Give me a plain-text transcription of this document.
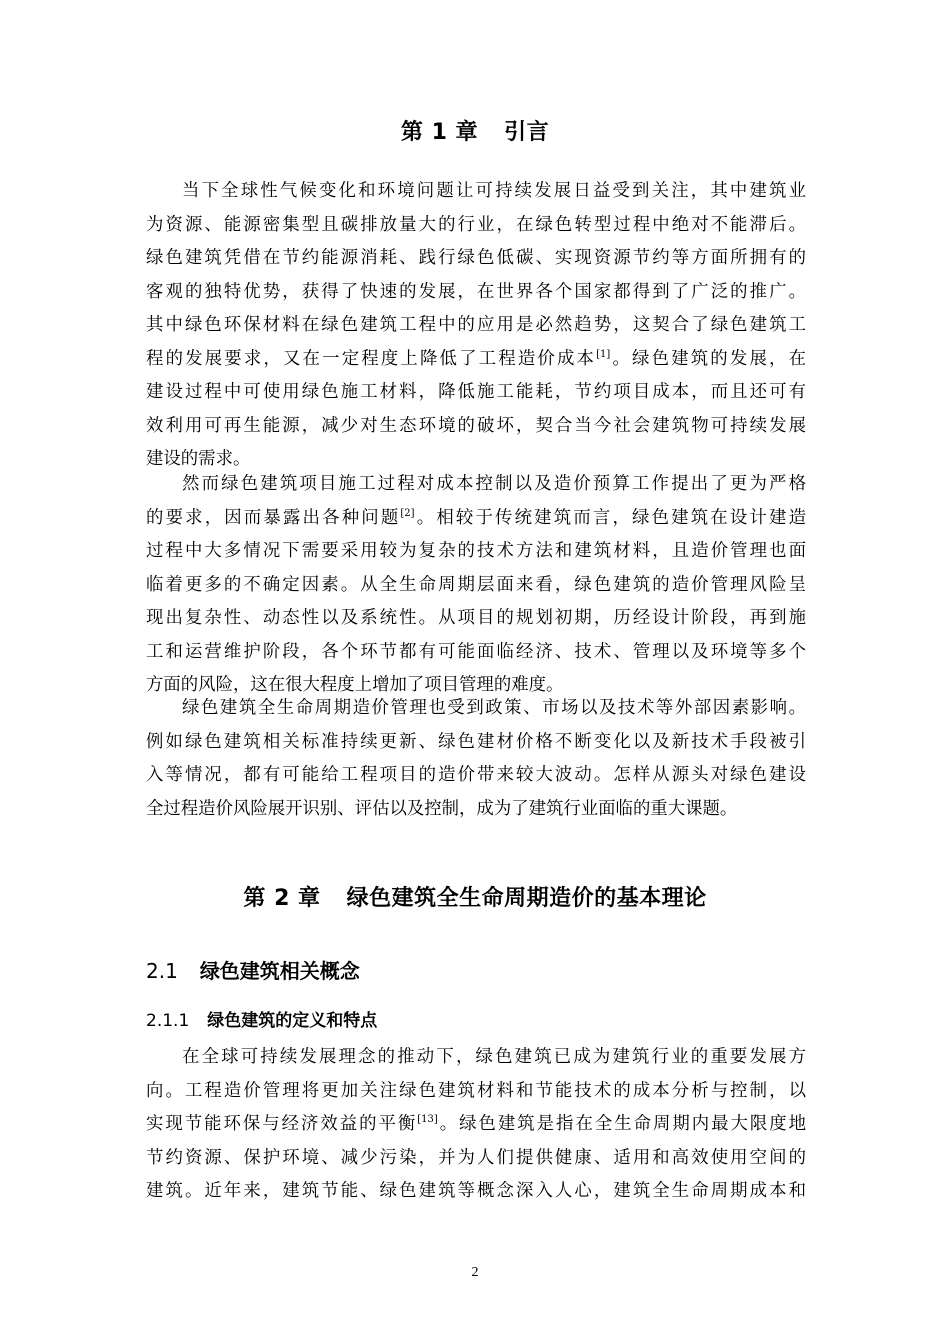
第 1 章 引言
当下全球性气候变化和环境问题让可持续发展日益受到关注，其中建筑业
为资源、能源密集型且碳排放量大的行业，在绿色转型过程中绝对不能滞后。
绿色建筑凭借在节约能源消耗、践行绿色低碳、实现资源节约等方面所拥有的
客观的独特优势，获得了快速的发展，在世界各个国家都得到了广泛的推广。
其中绿色环保材料在绿色建筑工程中的应用是必然趋势，这契合了绿色建筑工
程的发展要求，又在一定程度上降低了工程造价成本[1]。绿色建筑的发展，在
建设过程中可使用绿色施工材料，降低施工能耗，节约项目成本，而且还可有
效利用可再生能源，减少对生态环境的破坏，契合当今社会建筑物可持续发展
建设的需求。
然而绿色建筑项目施工过程对成本控制以及造价预算工作提出了更为严格
的要求，因而暴露出各种问题[2]。相较于传统建筑而言，绿色建筑在设计建造
过程中大多情况下需要采用较为复杂的技术方法和建筑材料，且造价管理也面
临着更多的不确定因素。从全生命周期层面来看，绿色建筑的造价管理风险呈
现出复杂性、动态性以及系统性。从项目的规划初期，历经设计阶段，再到施
工和运营维护阶段，各个环节都有可能面临经济、技术、管理以及环境等多个
方面的风险，这在很大程度上增加了项目管理的难度。
绿色建筑全生命周期造价管理也受到政策、市场以及技术等外部因素影响。
例如绿色建筑相关标准持续更新、绿色建材价格不断变化以及新技术手段被引
入等情况，都有可能给工程项目的造价带来较大波动。怎样从源头对绿色建设
全过程造价风险展开识别、评估以及控制，成为了建筑行业面临的重大课题。
第 2 章 绿色建筑全生命周期造价的基本理论
2.1 绿色建筑相关概念
2.1.1 绿色建筑的定义和特点
在全球可持续发展理念的推动下，绿色建筑已成为建筑行业的重要发展方
向。工程造价管理将更加关注绿色建筑材料和节能技术的成本分析与控制，以
实现节能环保与经济效益的平衡[13]。绿色建筑是指在全生命周期内最大限度地
节约资源、保护环境、减少污染，并为人们提供健康、适用和高效使用空间的
建筑。近年来，建筑节能、绿色建筑等概念深入人心，建筑全生命周期成本和
2
